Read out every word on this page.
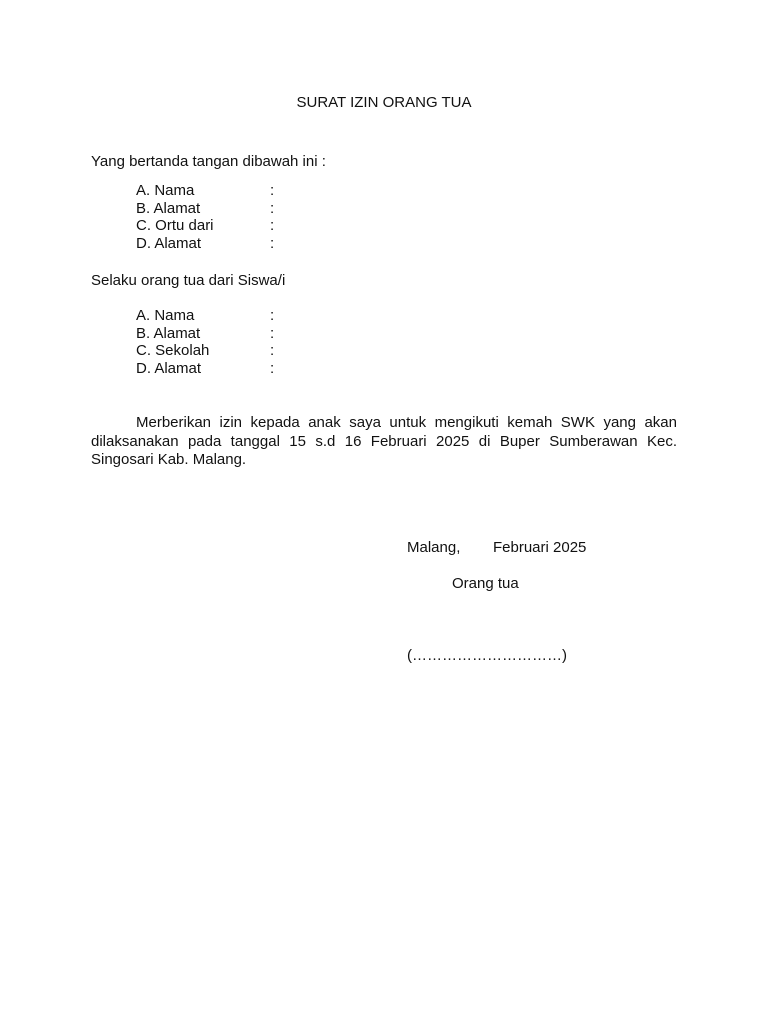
SURAT IZIN ORANG TUA
Yang bertanda tangan dibawah ini :
A. Nama	:
B. Alamat	:
C. Ortu dari	:
D. Alamat	:
Selaku orang tua dari Siswa/i
A. Nama	:
B. Alamat	:
C. Sekolah	:
D. Alamat	:
Merberikan izin kepada anak saya untuk mengikuti kemah SWK yang akan dilaksanakan pada tanggal 15 s.d 16 Februari 2025 di Buper Sumberawan Kec. Singosari Kab. Malang.
Malang, Februari 2025
Orang tua
(…………………………)
